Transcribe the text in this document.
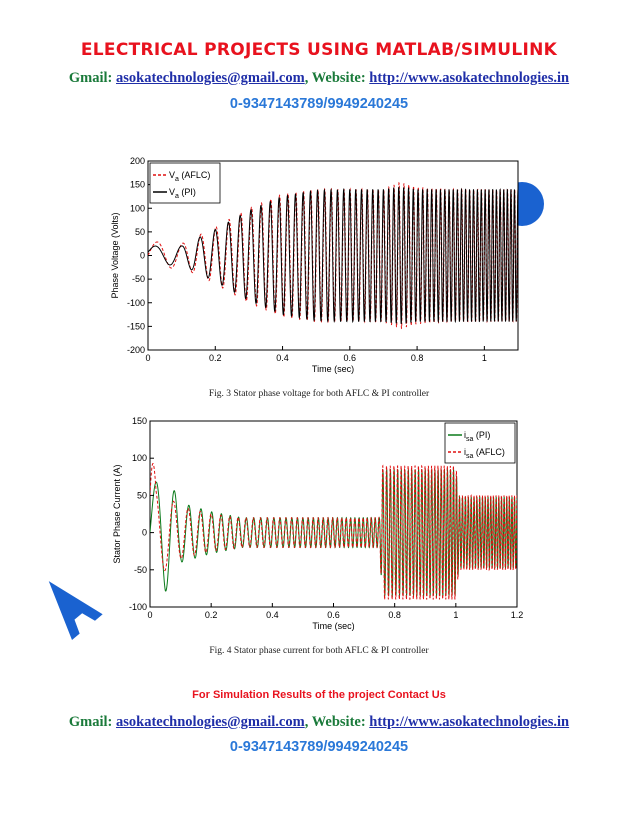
ELECTRICAL PROJECTS USING MATLAB/SIMULINK
Gmail: asokatechnologies@gmail.com, Website: http://www.asokatechnologies.in
0-9347143789/9949240245
0	0.2	0.4	0.6	0.8	1
200
150
100
50
0
-50
-100
-150
-200
Time (sec)
Phase Voltage (Volts)
$V_a$ (AFLC)
$V_a$ (PI)
Fig. 3 Stator phase voltage for both AFLC & PI controller
0	0.2	0.4	0.6	0.8	1	1.2
150
100
50
0
-50
-100
Time (sec)
Stator Phase Current (A)
$i_{sa}$ (PI)
$i_{sa}$ (AFLC)
Fig. 4 Stator phase current for both AFLC & PI controller
For Simulation Results of the project Contact Us
Gmail: asokatechnologies@gmail.com, Website: http://www.asokatechnologies.in
0-9347143789/9949240245
